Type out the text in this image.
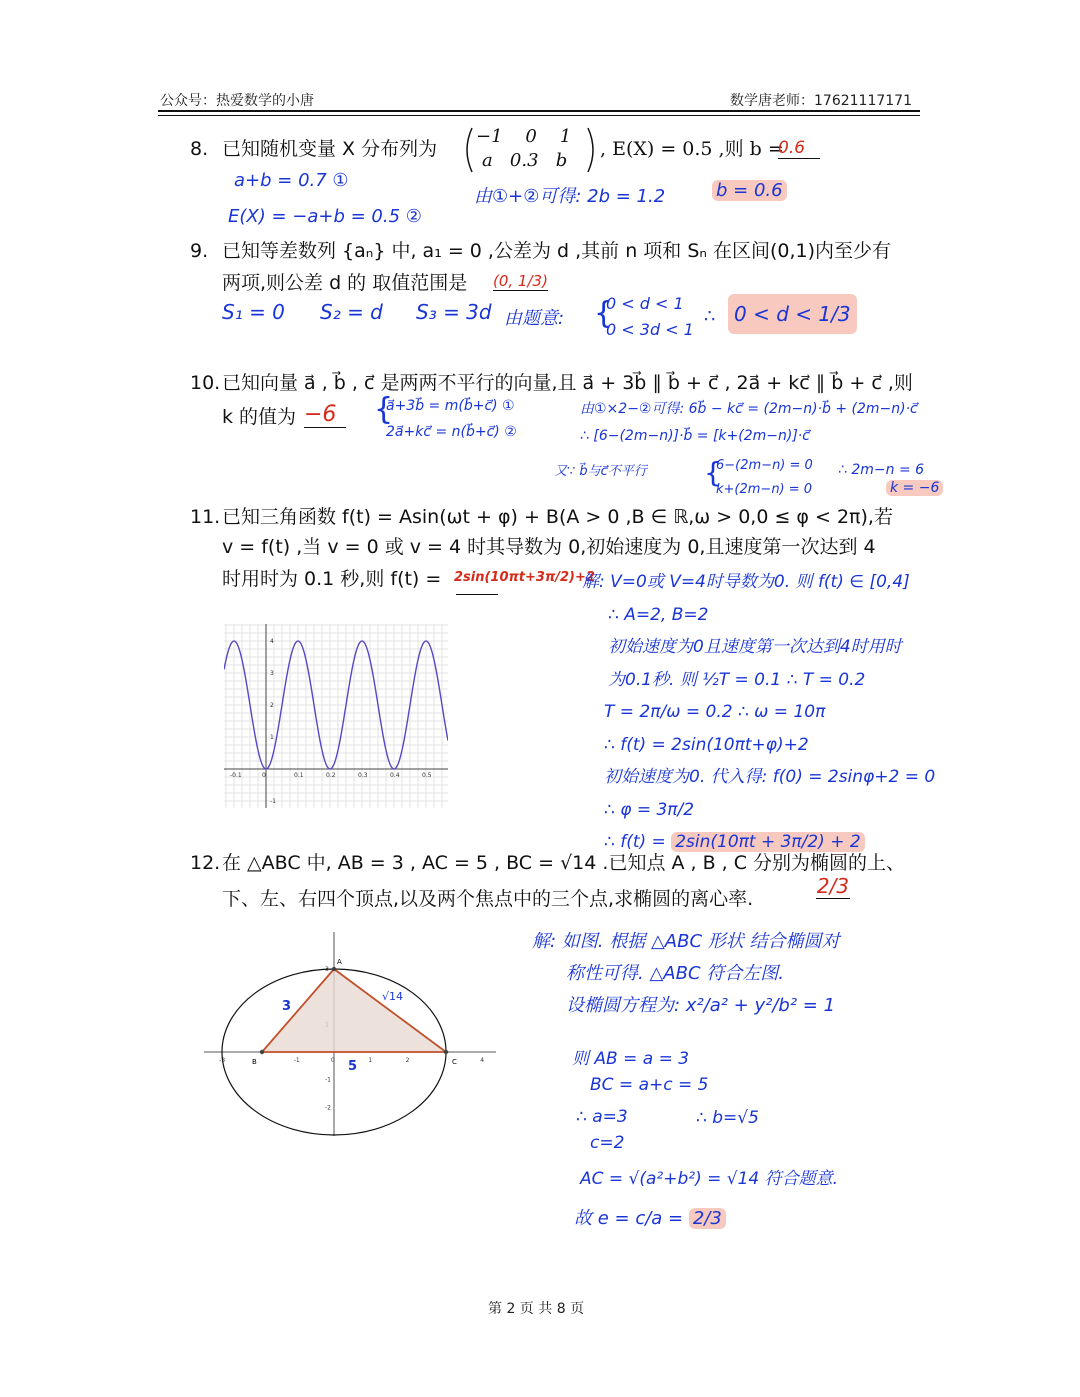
公众号：热爱数学的小唐	数学唐老师：17621117171
8. 已知随机变量 X 分布列为
−1    0    1
a   0.3   b
, E(X) = 0.5 ,则 b =
0.6
a+b = 0.7 ①
E(X) = −a+b = 0.5 ②
由①+②可得: 2b = 1.2	b = 0.6
9. 已知等差数列 {aₙ} 中, a₁ = 0 ,公差为 d ,其前 n 项和 Sₙ 在区间(0,1)内至少有
两项,则公差 d 的 取值范围是 (0, 1/3)
S₁ = 0 S₂ = d S₃ = 3d 由题意: {
0 < d < 1
0 < 3d < 1
∴ 0 < d < 1/3
10. 已知向量 a⃗ , b⃗ , c⃗ 是两两不平行的向量,且 a⃗ + 3b⃗ ∥ b⃗ + c⃗ , 2a⃗ + kc⃗ ∥ b⃗ + c⃗ ,则
k 的值为 −6	{
a⃗+3b⃗ = m(b⃗+c⃗) ①
2a⃗+kc⃗ = n(b⃗+c⃗) ②
由①×2−②可得: 6b⃗ − kc⃗ = (2m−n)·b⃗ + (2m−n)·c⃗
∴ [6−(2m−n)]·b⃗ = [k+(2m−n)]·c⃗
又∵ b⃗与c⃗不平行 {
6−(2m−n) = 0
k+(2m−n) = 0
∴ 2m−n = 6
k = −6
11. 已知三角函数 f(t) = Asin(ωt + φ) + B(A > 0 ,B ∈ ℝ,ω > 0,0 ≤ φ < 2π),若
v = f(t) ,当 v = 0 或 v = 4 时其导数为 0,初始速度为 0,且速度第一次达到 4
时用时为 0.1 秒,则 f(t) = 2sin(10πt+3π/2)+2
解: V=0或 V=4时导数为0. 则 f(t) ∈ [0,4]
∴ A=2, B=2
初始速度为0且速度第一次达到4时用时
为0.1秒. 则 ½T = 0.1 ∴ T = 0.2
T = 2π/ω = 0.2 ∴ ω = 10π
∴ f(t) = 2sin(10πt+φ)+2
初始速度为0. 代入得: f(0) = 2sinφ+2 = 0
∴ φ = 3π/2
∴ f(t) = 2sin(10πt + 3π/2) + 2
-0.1	0	0.1	0.2	0.3	0.4	0.5
4
3
2
1
-1
12. 在 △ABC 中, AB = 3 , AC = 5 , BC = √14 .已知点 A , B , C 分别为椭圆的上、
下、左、右四个顶点,以及两个焦点中的三个点,求椭圆的离心率.
2/3
解: 如图. 根据 △ABC 形状 结合椭圆对
称性可得. △ABC 符合左图.
设椭圆方程为: x²/a² + y²/b² = 1
则 AB = a = 3
BC = a+c = 5
∴ a=3
c=2
∴ b=√5
AC = √(a²+b²) = √14 符合题意.
故 e = c/a = 2/3
-3	-1	0	1	2	4
3
-1
-2
A
B	C
3
5
√14
第 2 页 共 8 页
